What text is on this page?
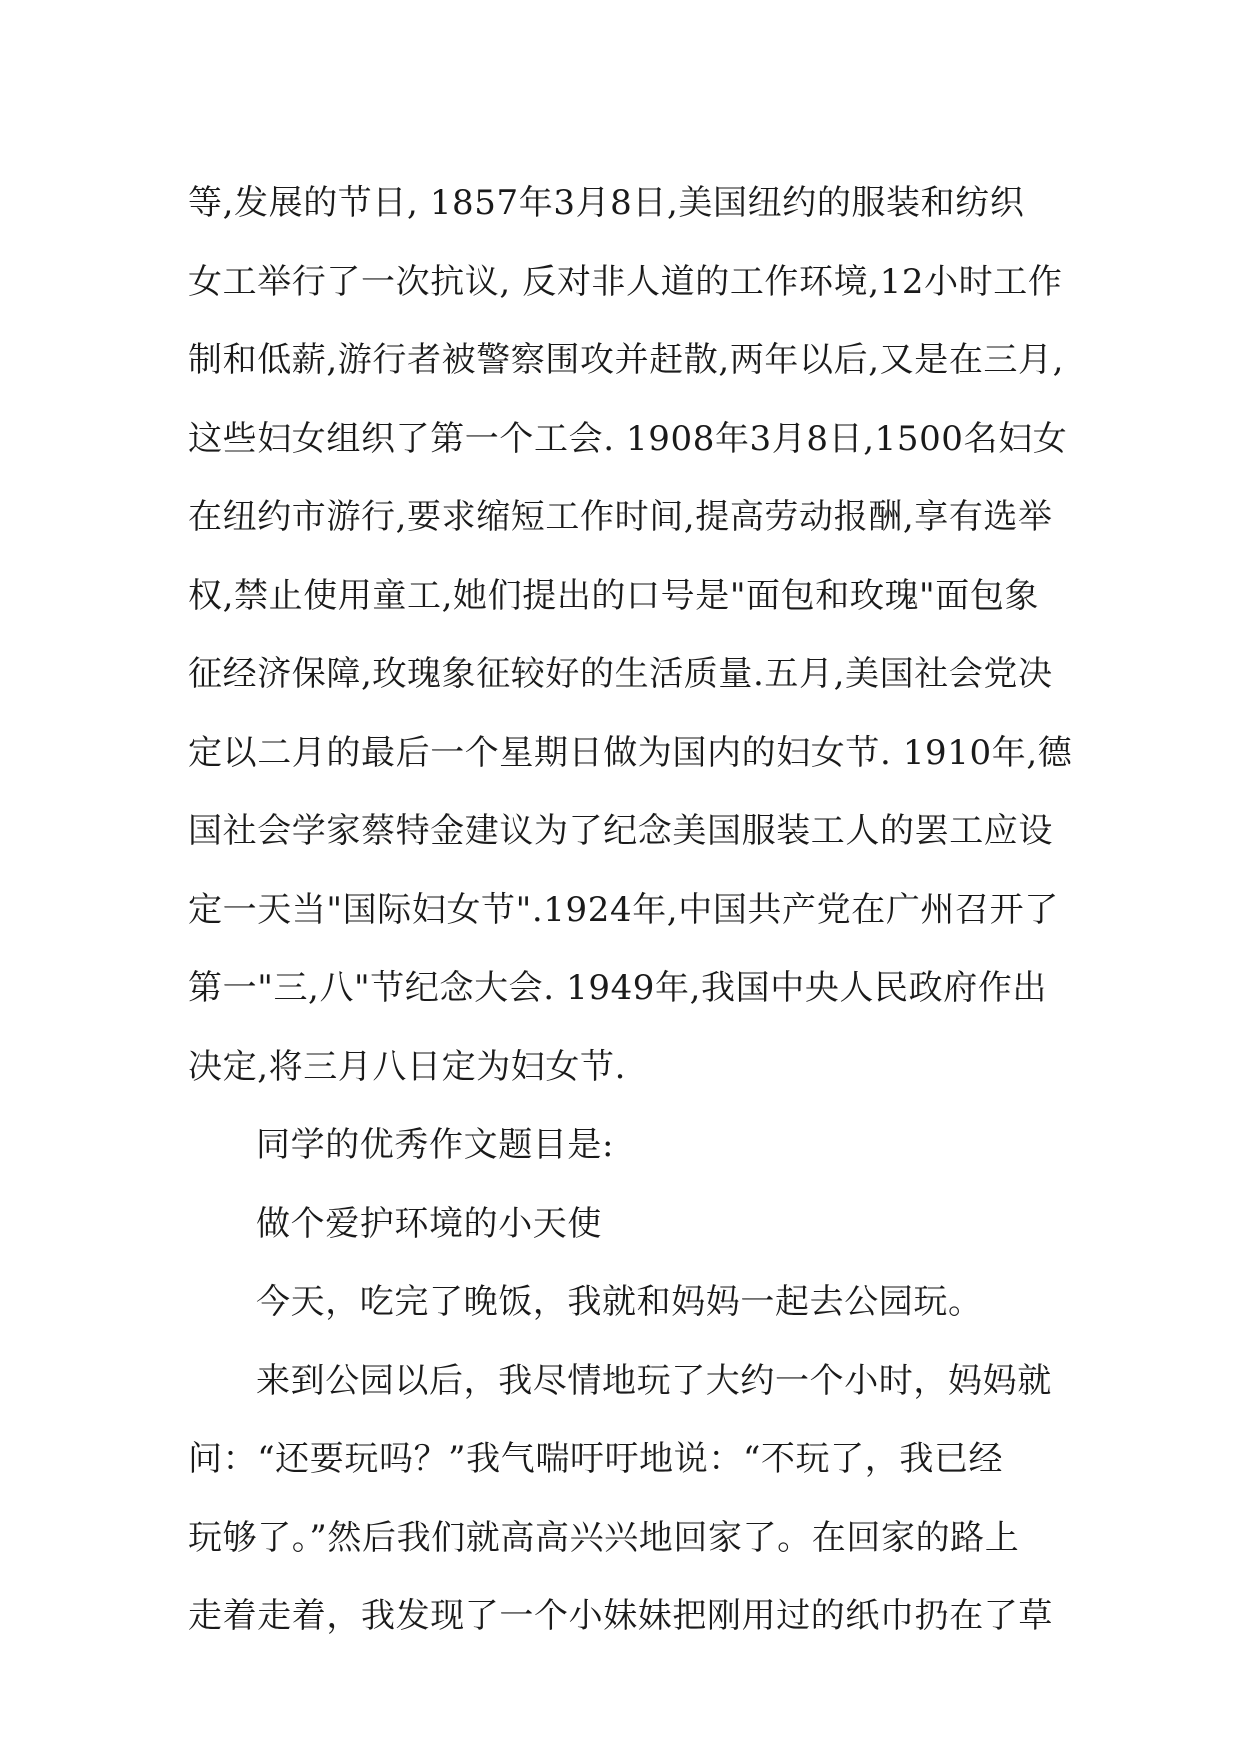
等,发展的节日, 1857年3月8日,美国纽约的服装和纺织
女工举行了一次抗议, 反对非人道的工作环境,12小时工作
制和低薪,游行者被警察围攻并赶散,两年以后,又是在三月,
这些妇女组织了第一个工会. 1908年3月8日,1500名妇女
在纽约市游行,要求缩短工作时间,提高劳动报酬,享有选举
权,禁止使用童工,她们提出的口号是"面包和玫瑰"面包象
征经济保障,玫瑰象征较好的生活质量.五月,美国社会党决
定以二月的最后一个星期日做为国内的妇女节. 1910年,德
国社会学家蔡特金建议为了纪念美国服装工人的罢工应设
定一天当"国际妇女节".1924年,中国共产党在广州召开了
第一"三,八"节纪念大会. 1949年,我国中央人民政府作出
决定,将三月八日定为妇女节.
同学的优秀作文题目是:
做个爱护环境的小天使
今天，吃完了晚饭，我就和妈妈一起去公园玩。
来到公园以后，我尽情地玩了大约一个小时，妈妈就
问：“还要玩吗？”我气喘吁吁地说：“不玩了，我已经
玩够了。”然后我们就高高兴兴地回家了。在回家的路上
走着走着，我发现了一个小妹妹把刚用过的纸巾扔在了草
